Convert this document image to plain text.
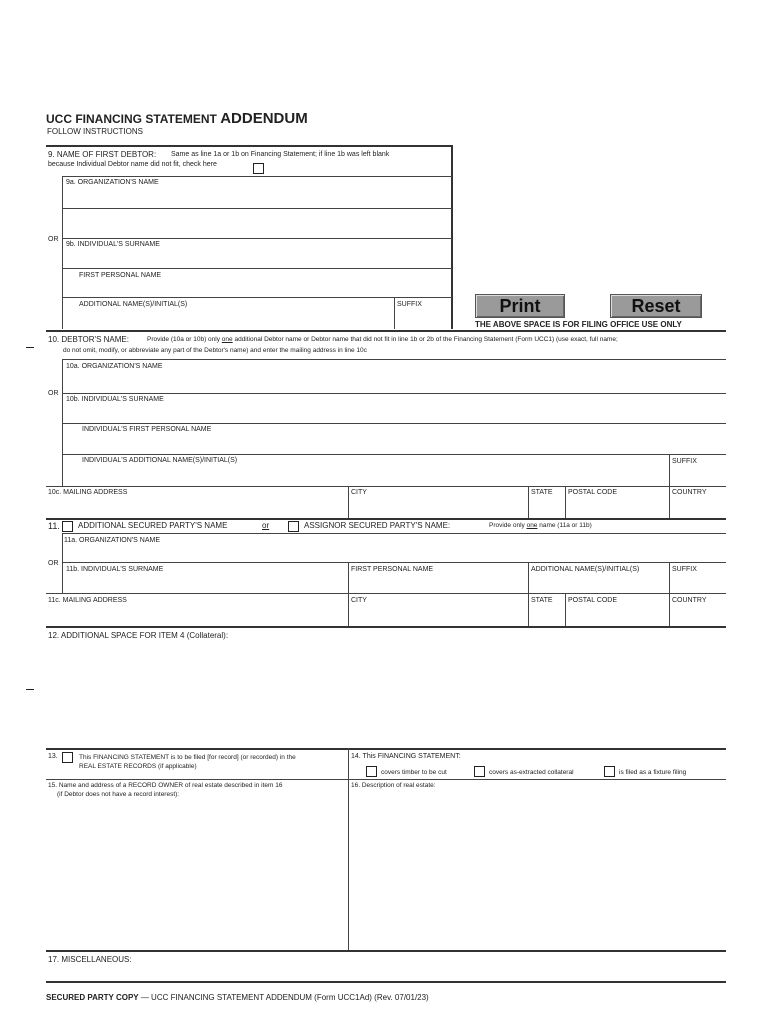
UCC FINANCING STATEMENT ADDENDUM
FOLLOW INSTRUCTIONS
9. NAME OF FIRST DEBTOR: Same as line 1a or 1b on Financing Statement; if line 1b was left blank
because Individual Debtor name did not fit, check here
9a. ORGANIZATION'S NAME
OR
9b. INDIVIDUAL'S SURNAME
FIRST PERSONAL NAME
ADDITIONAL NAME(S)/INITIAL(S)	SUFFIX	Print	Reset
THE ABOVE SPACE IS FOR FILING OFFICE USE ONLY
10. DEBTOR'S NAME:	Provide (10a or 10b) only one additional Debtor name or Debtor name that did not fit in line 1b or 2b of the Financing Statement (Form UCC1) (use exact, full name;
do not omit, modify, or abbreviate any part of the Debtor's name) and enter the mailing address in line 10c
10a. ORGANIZATION'S NAME
OR
10b. INDIVIDUAL'S SURNAME
INDIVIDUAL'S FIRST PERSONAL NAME
INDIVIDUAL'S ADDITIONAL NAME(S)/INITIAL(S)	SUFFIX
10c. MAILING ADDRESS	CITY	STATE POSTAL CODE	COUNTRY
11. ADDITIONAL SECURED PARTY'S NAME	or	ASSIGNOR SECURED PARTY'S NAME:	Provide only one name (11a or 11b)
11a. ORGANIZATION'S NAME
OR
11b. INDIVIDUAL'S SURNAME	FIRST PERSONAL NAME	ADDITIONAL NAME(S)/INITIAL(S)	SUFFIX
11c. MAILING ADDRESS	CITY	STATE POSTAL CODE	COUNTRY
12. ADDITIONAL SPACE FOR ITEM 4 (Collateral):
13.	This FINANCING STATEMENT is to be filed [for record] (or recorded) in the
REAL ESTATE RECORDS (if applicable)
14. This FINANCING STATEMENT:
covers timber to be cut	covers as-extracted collateral	is filed as a fixture filing
15. Name and address of a RECORD OWNER of real estate described in item 16
(if Debtor does not have a record interest):
16. Description of real estate:
17. MISCELLANEOUS:
SECURED PARTY COPY — UCC FINANCING STATEMENT ADDENDUM (Form UCC1Ad) (Rev. 07/01/23)
